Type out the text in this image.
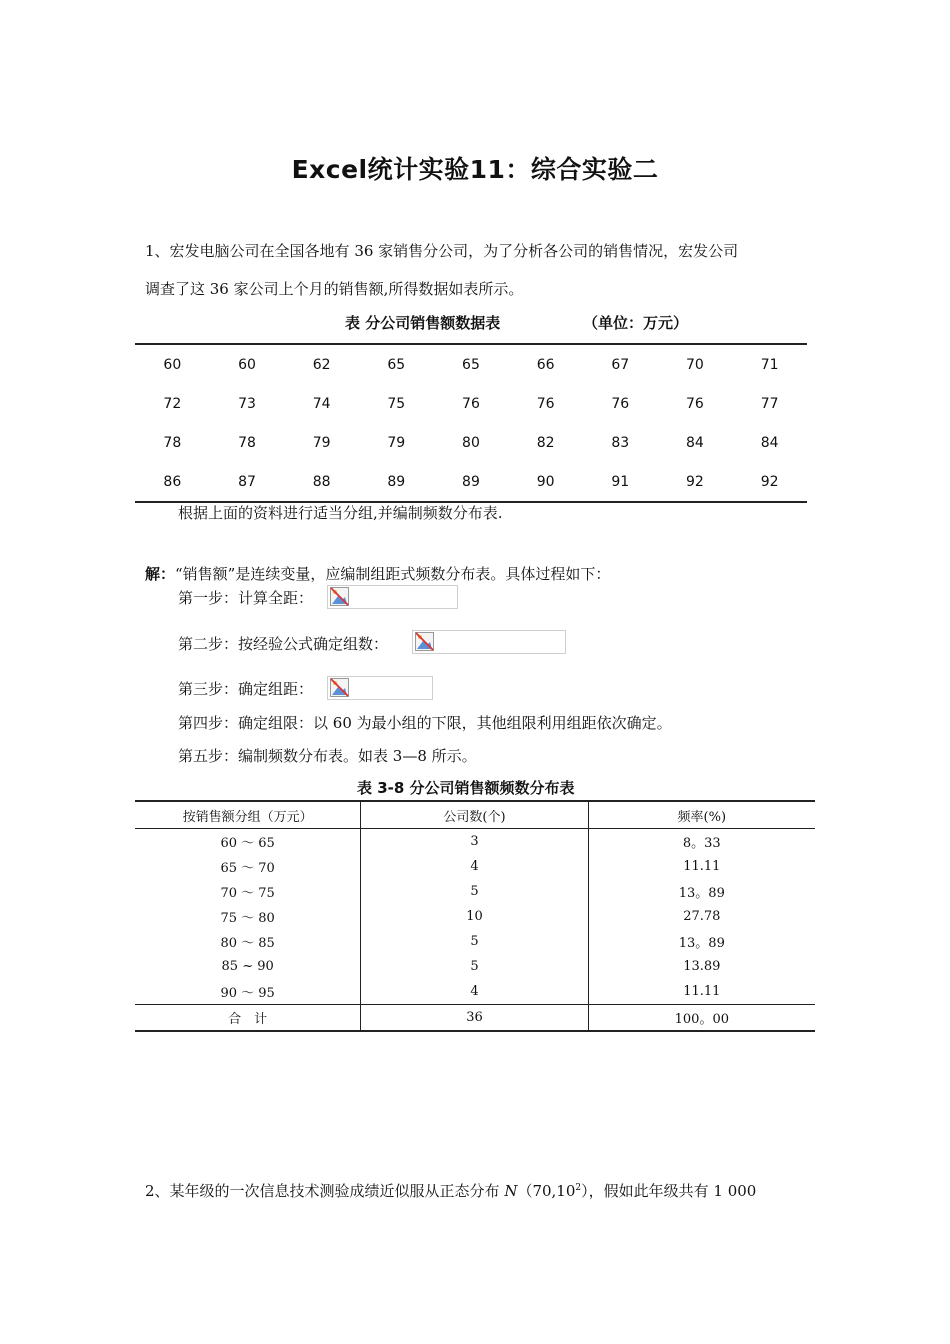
Excel统计实验11：综合实验二
1、宏发电脑公司在全国各地有 36 家销售分公司，为了分析各公司的销售情况，宏发公司
调查了这 36 家公司上个月的销售额,所得数据如表所示。
表 分公司销售额数据表	（单位：万元）
60	60	62	65	65	66	67	70	71
72	73	74	75	76	76	76	76	77
78	78	79	79	80	82	83	84	84
86	87	88	89	89	90	91	92	92
根据上面的资料进行适当分组,并编制频数分布表.
解：“销售额”是连续变量，应编制组距式频数分布表。具体过程如下：
第一步：计算全距：
第二步：按经验公式确定组数：
第三步：确定组距：
第四步：确定组限：以 60 为最小组的下限，其他组限利用组距依次确定。
第五步：编制频数分布表。如表 3—8 所示。
表 3-8 分公司销售额频数分布表
按销售额分组（万元）	公司数(个)	频率(%)
60 ～ 65	3	8。33
65 ～ 70	4	11.11
70 ～ 75	5	13。89
75 ～ 80	10	27.78
80 ～ 85	5	13。89
85 ~ 90	5	13.89
90 ～ 95	4	11.11
合　计	36	100。00
2、某年级的一次信息技术测验成绩近似服从正态分布 N（70,10$^2$），假如此年级共有 1 000
